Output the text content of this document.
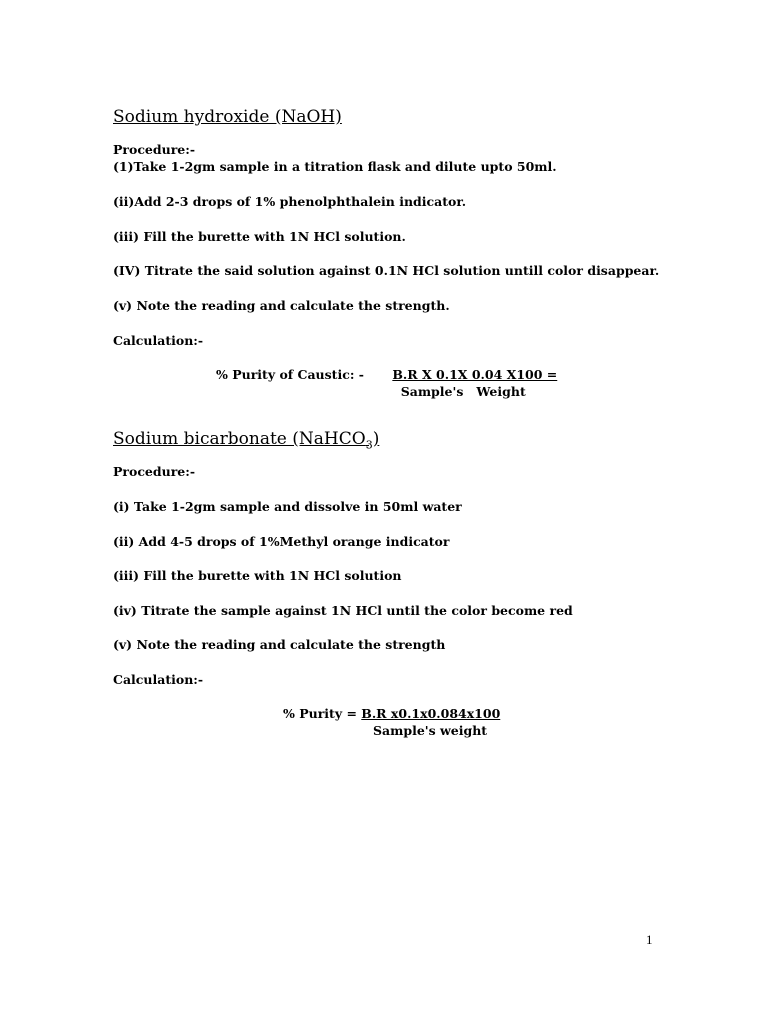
Sodium hydroxide (NaOH)

Procedure:-

(1)Take 1-2gm sample in a titration flask and dilute upto 50ml.

(ii)Add 2-3 drops of 1% phenolphthalein indicator.

(iii) Fill the burette with 1N HCl solution.

(IV) Titrate the said solution against 0.1N HCl solution untill color disappear.

(v) Note the reading and calculate the strength.

Calculation:-

% Purity of Caustic: - B.R X 0.1X 0.04 X100 =
Sample's   Weight
Sodium bicarbonate (NaHCO$_3$)

Procedure:-

(i) Take 1-2gm sample and dissolve in 50ml water

(ii) Add 4-5 drops of 1%Methyl orange indicator

(iii) Fill the burette with 1N HCl solution

(iv) Titrate the sample against 1N HCl until the color become red

(v) Note the reading and calculate the strength

Calculation:-

% Purity = B.R x0.1x0.084x100
Sample's weight
1
